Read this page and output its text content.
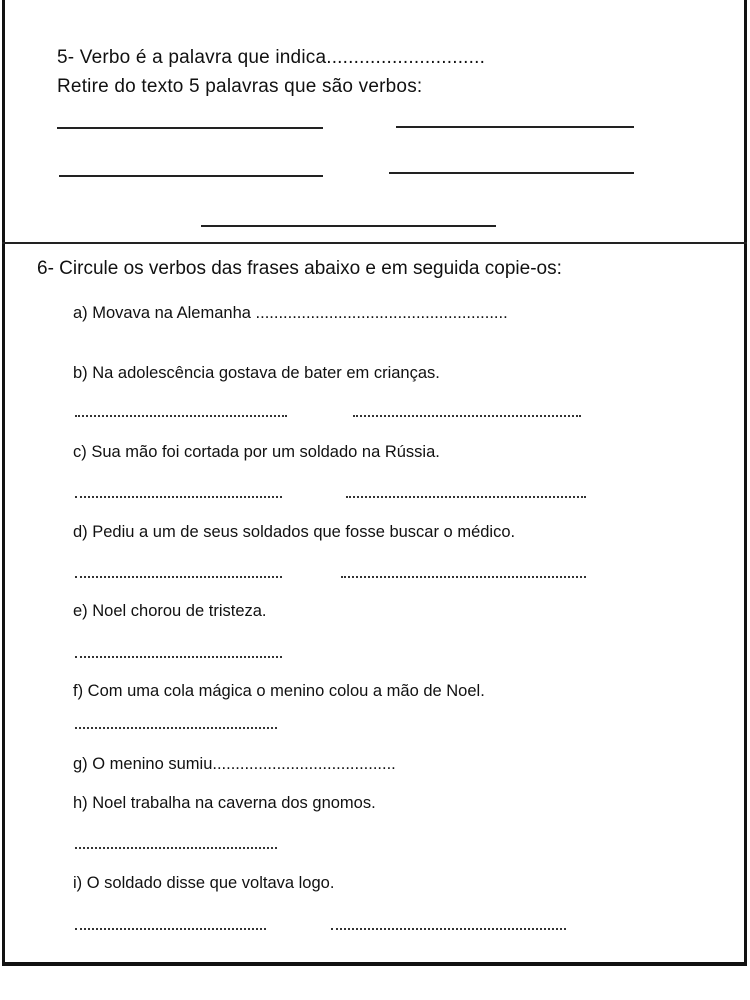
5- Verbo é a palavra que indica.............................
Retire do texto 5 palavras que são verbos:
6- Circule os verbos das frases abaixo e em seguida copie-os:
a) Movava na Alemanha .......................................................
b) Na adolescência gostava de bater em crianças.
c) Sua mão foi cortada por um soldado na Rússia.
d) Pediu a um de seus soldados que fosse buscar o médico.
e) Noel chorou de tristeza.
f) Com uma cola mágica o menino colou a mão de Noel.
g) O menino sumiu........................................
h) Noel trabalha na caverna dos gnomos.
i) O soldado disse que voltava logo.
